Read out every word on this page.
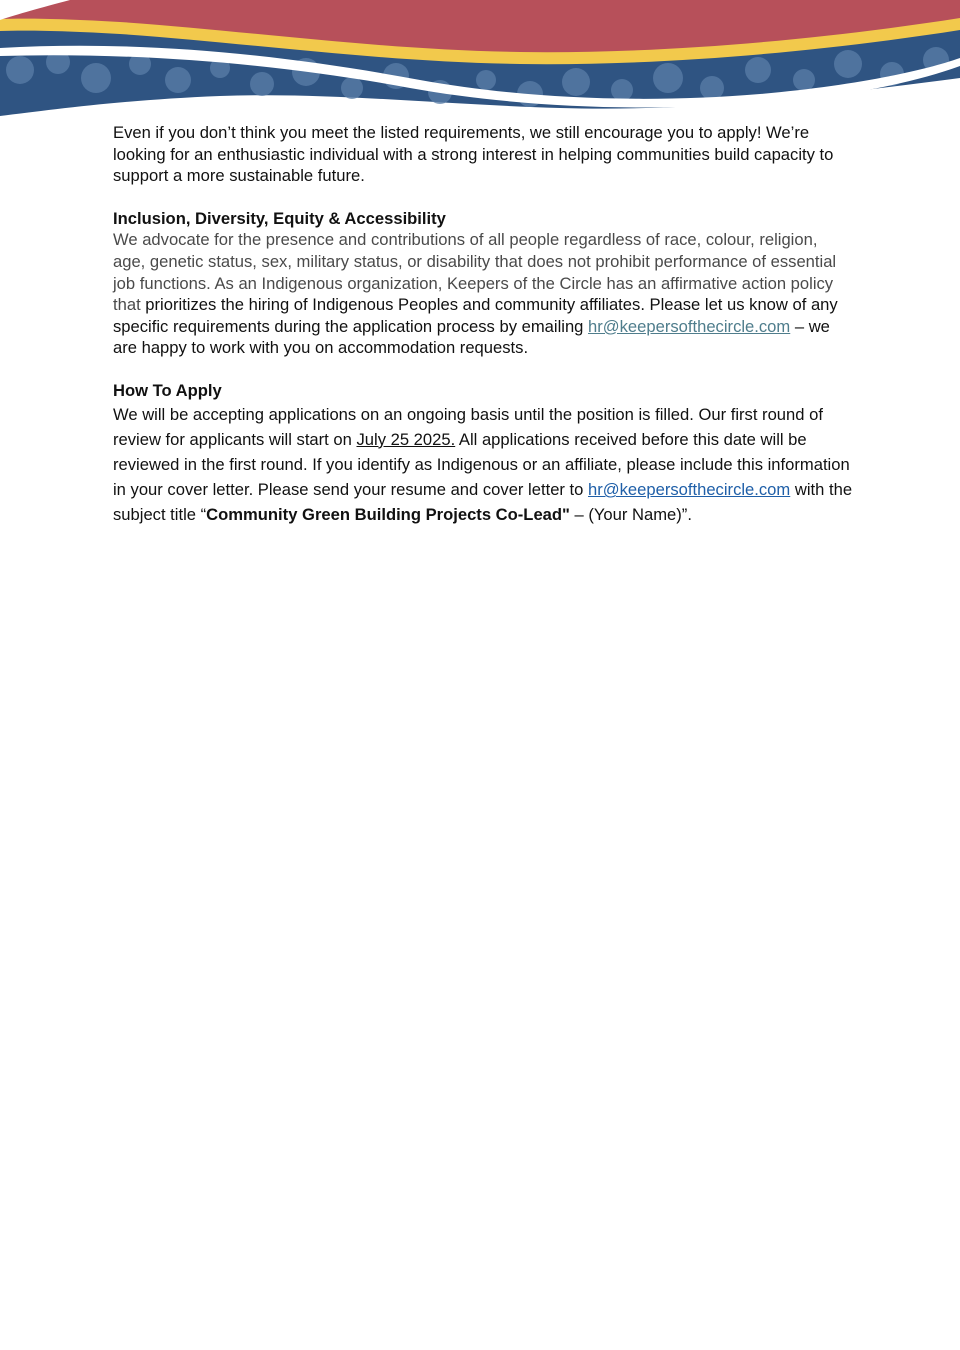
Even if you don’t think you meet the listed requirements, we still encourage you to apply! We’re looking for an enthusiastic individual with a strong interest in helping communities build capacity to support a more sustainable future.

Inclusion, Diversity, Equity & Accessibility

We advocate for the presence and contributions of all people regardless of race, colour, religion, age, genetic status, sex, military status, or disability that does not prohibit performance of essential job functions. As an Indigenous organization, Keepers of the Circle has an affirmative action policy that prioritizes the hiring of Indigenous Peoples and community affiliates. Please let us know of any specific requirements during the application process by emailing hr@keepersofthecircle.com – we are happy to work with you on accommodation requests.

How To Apply

We will be accepting applications on an ongoing basis until the position is filled. Our first round of review for applicants will start on July 25 2025. All applications received before this date will be reviewed in the first round. If you identify as Indigenous or an affiliate, please include this information in your cover letter. Please send your resume and cover letter to hr@keepersofthecircle.com with the subject title “Community Green Building Projects Co-Lead" – (Your Name)”.
